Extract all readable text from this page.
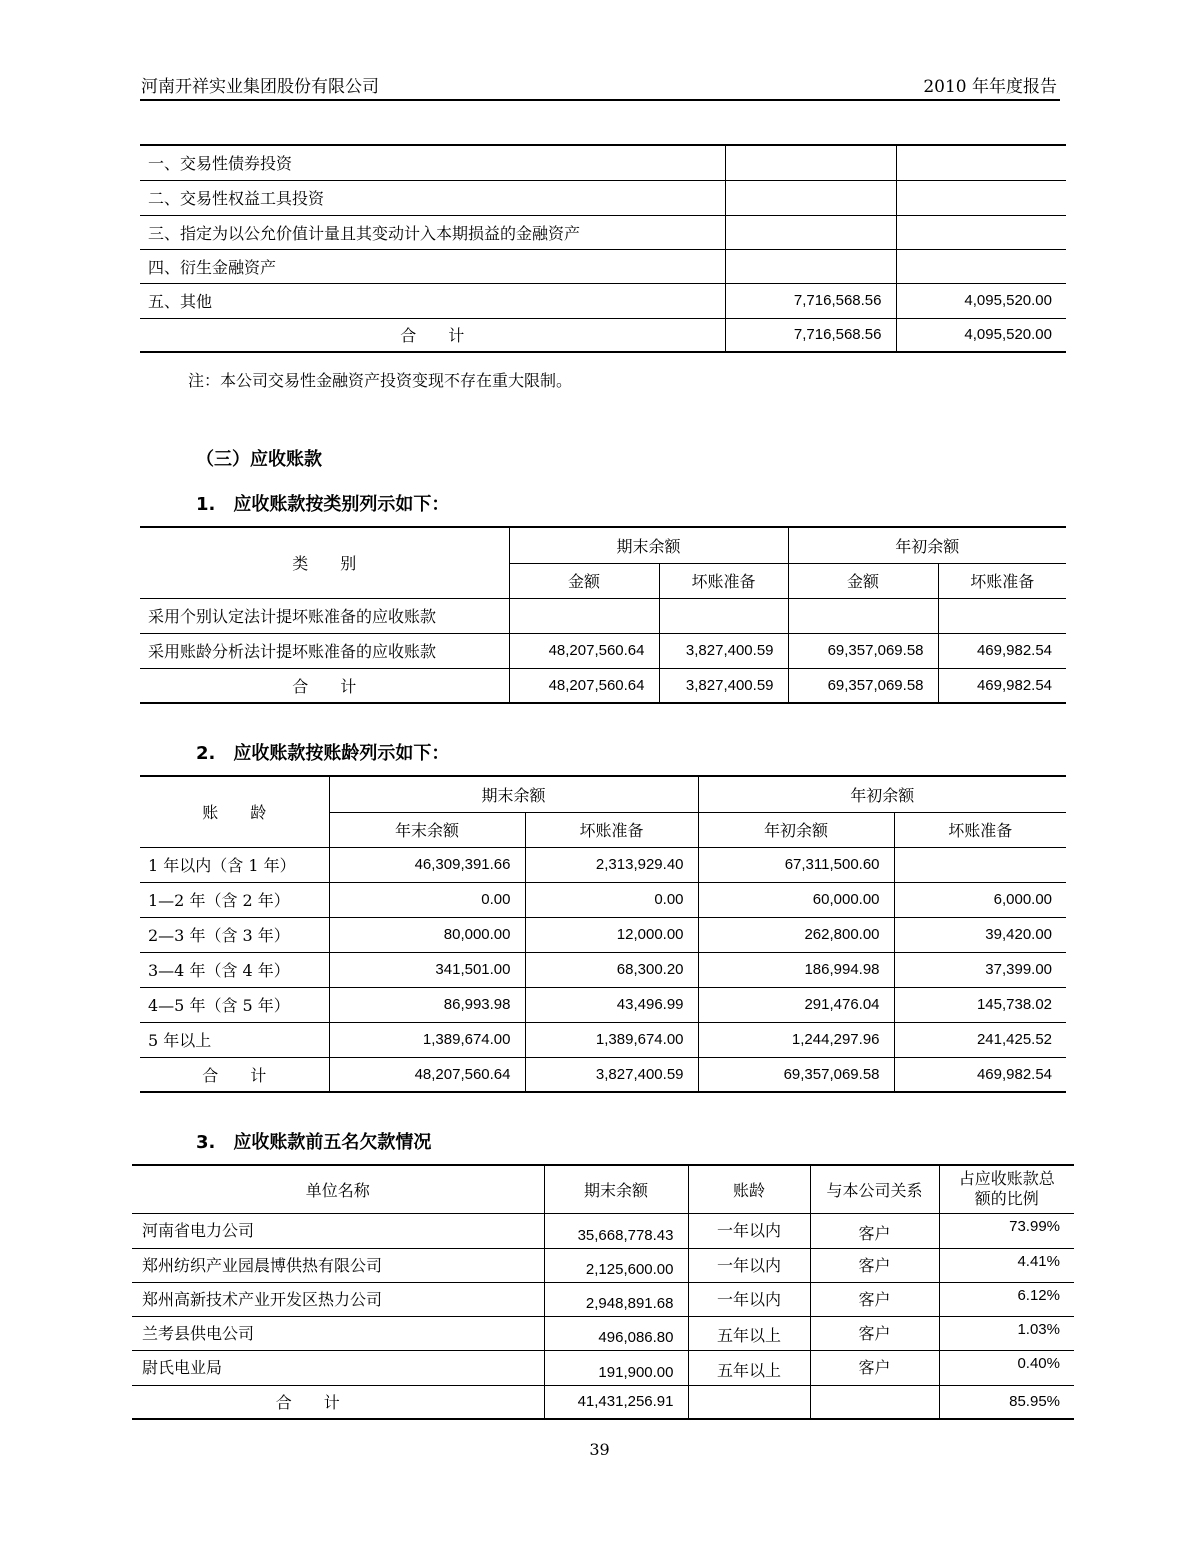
河南开祥实业集团股份有限公司	2010 年年度报告
一、交易性债券投资		
二、交易性权益工具投资		
三、指定为以公允价值计量且其变动计入本期损益的金融资产		
四、衍生金融资产		
五、其他	7,716,568.56	4,095,520.00
合　　计	7,716,568.56	4,095,520.00
注：本公司交易性金融资产投资变现不存在重大限制。
（三）应收账款
1.　应收账款按类别列示如下：
类　　别	期末余额		年初余额	
	金额	坏账准备	金额	坏账准备
采用个别认定法计提坏账准备的应收账款				
采用账龄分析法计提坏账准备的应收账款	48,207,560.64	3,827,400.59	69,357,069.58	469,982.54
合　　计	48,207,560.64	3,827,400.59	69,357,069.58	469,982.54
2.　应收账款按账龄列示如下：
账　　龄	期末余额		年初余额	
	年末余额	坏账准备	年初余额	坏账准备
1 年以内（含 1 年）	46,309,391.66	2,313,929.40	67,311,500.60	
1—2 年（含 2 年）	0.00	0.00	60,000.00	6,000.00
2—3 年（含 3 年）	80,000.00	12,000.00	262,800.00	39,420.00
3—4 年（含 4 年）	341,501.00	68,300.20	186,994.98	37,399.00
4—5 年（含 5 年）	86,993.98	43,496.99	291,476.04	145,738.02
5 年以上	1,389,674.00	1,389,674.00	1,244,297.96	241,425.52
合　　计	48,207,560.64	3,827,400.59	69,357,069.58	469,982.54
3.　应收账款前五名欠款情况
单位名称	期末余额	账龄	与本公司关系	占应收账款总
额的比例

河南省电力公司	35,668,778.43	一年以内	客户	73.99%
郑州纺织产业园晨博供热有限公司	2,125,600.00	一年以内	客户	4.41%
郑州高新技术产业开发区热力公司	2,948,891.68	一年以内	客户	6.12%
兰考县供电公司	496,086.80	五年以上	客户	1.03%
尉氏电业局	191,900.00	五年以上	客户	0.40%
合　　计	41,431,256.91			85.95%
39
